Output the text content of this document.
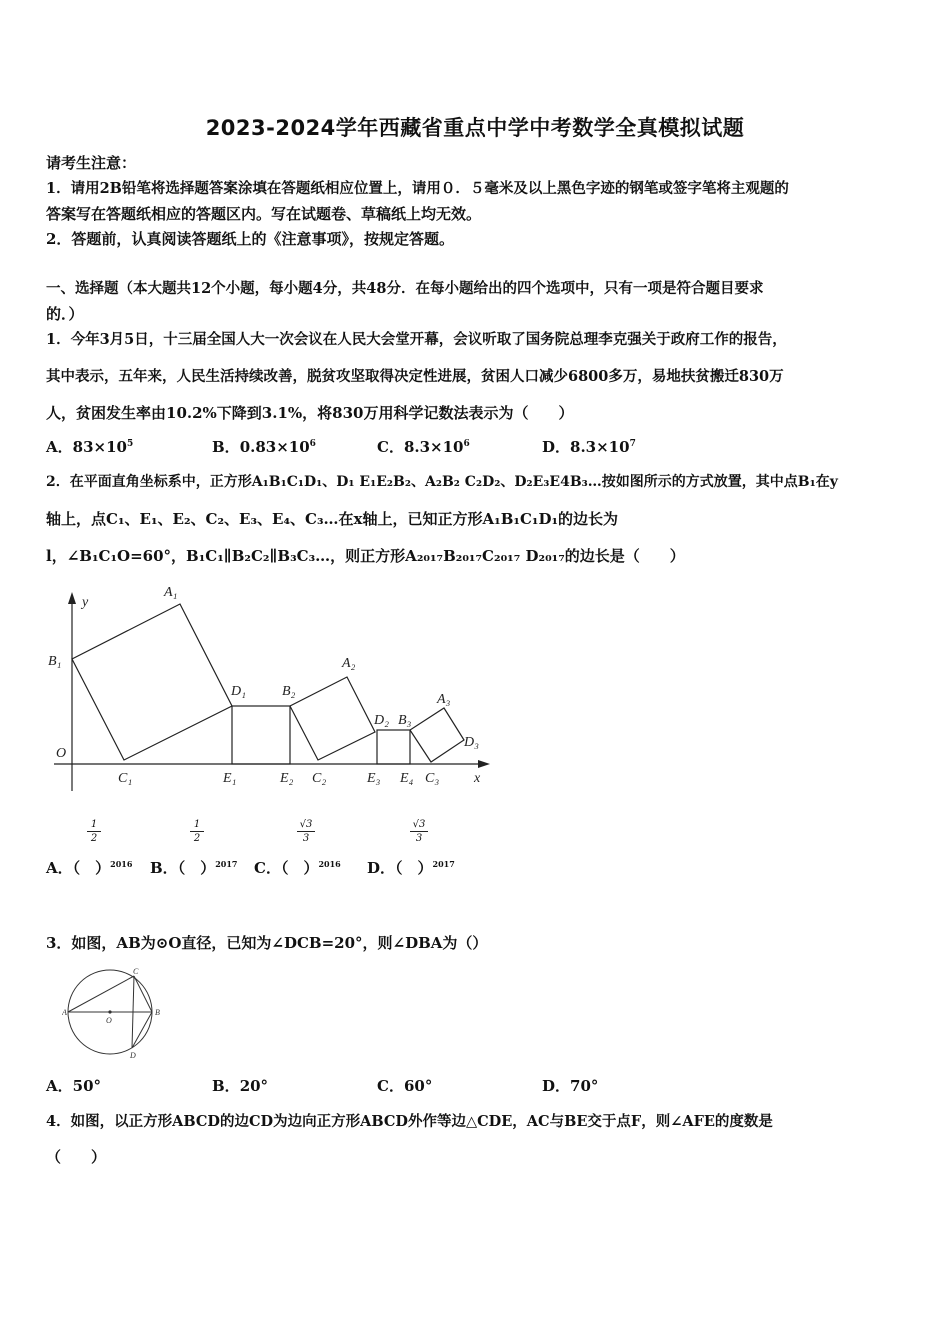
2023-2024学年西藏省重点中学中考数学全真模拟试题
请考生注意：
1．请用2B铅笔将选择题答案涂填在答题纸相应位置上，请用０．５毫米及以上黑色字迹的钢笔或签字笔将主观题的
答案写在答题纸相应的答题区内。写在试题卷、草稿纸上均无效。
2．答题前，认真阅读答题纸上的《注意事项》，按规定答题。
一、选择题（本大题共12个小题，每小题4分，共48分．在每小题给出的四个选项中，只有一项是符合题目要求
的．）
1．今年3月5日，十三届全国人大一次会议在人民大会堂开幕，会议听取了国务院总理李克强关于政府工作的报告，
其中表示，五年来，人民生活持续改善，脱贫攻坚取得决定性进展，贫困人口减少6800多万，易地扶贫搬迁830万
人，贫困发生率由10.2%下降到3.1%，将830万用科学记数法表示为（　　）
A．$83\times 10^5$	B．$0.83\times 10^6$	C．$8.3\times 10^6$	D．$8.3\times 10^7$
2．在平面直角坐标系中，正方形A₁B₁C₁D₁、D₁ E₁E₂B₂、A₂B₂ C₂D₂、D₂E₃E4B₃…按如图所示的方式放置，其中点B₁在y
轴上，点C₁、E₁、E₂、C₂、E₃、E₄、C₃…在x轴上，已知正方形A₁B₁C₁D₁的边长为
l，∠B₁C₁O=60°，B₁C₁∥B₂C₂∥B₃C₃…，则正方形A₂₀₁₇B₂₀₁₇C₂₀₁₇ D₂₀₁₇的边长是（　　）
y
x
O
A₁
B₁
C₁
D₁
E₁	E₂
B₂
A₂
C₂
D₂ B₃
E₃ E₄ C₃
A₃
D₃
1
2
1
2
√3
3
√3
3
A．（　）$^{2016}$ B．（　）$^{2017}$ C．（　）$^{2016}$ D．（　）$^{2017}$
3．如图，AB为⊙O直径，已知为∠DCB=20°，则∠DBA为（）
A	B
C
D
O
A．50°	B．20°	C．60°	D．70°
4．如图，以正方形ABCD的边CD为边向正方形ABCD外作等边△CDE，AC与BE交于点F，则∠AFE的度数是
（　　）
